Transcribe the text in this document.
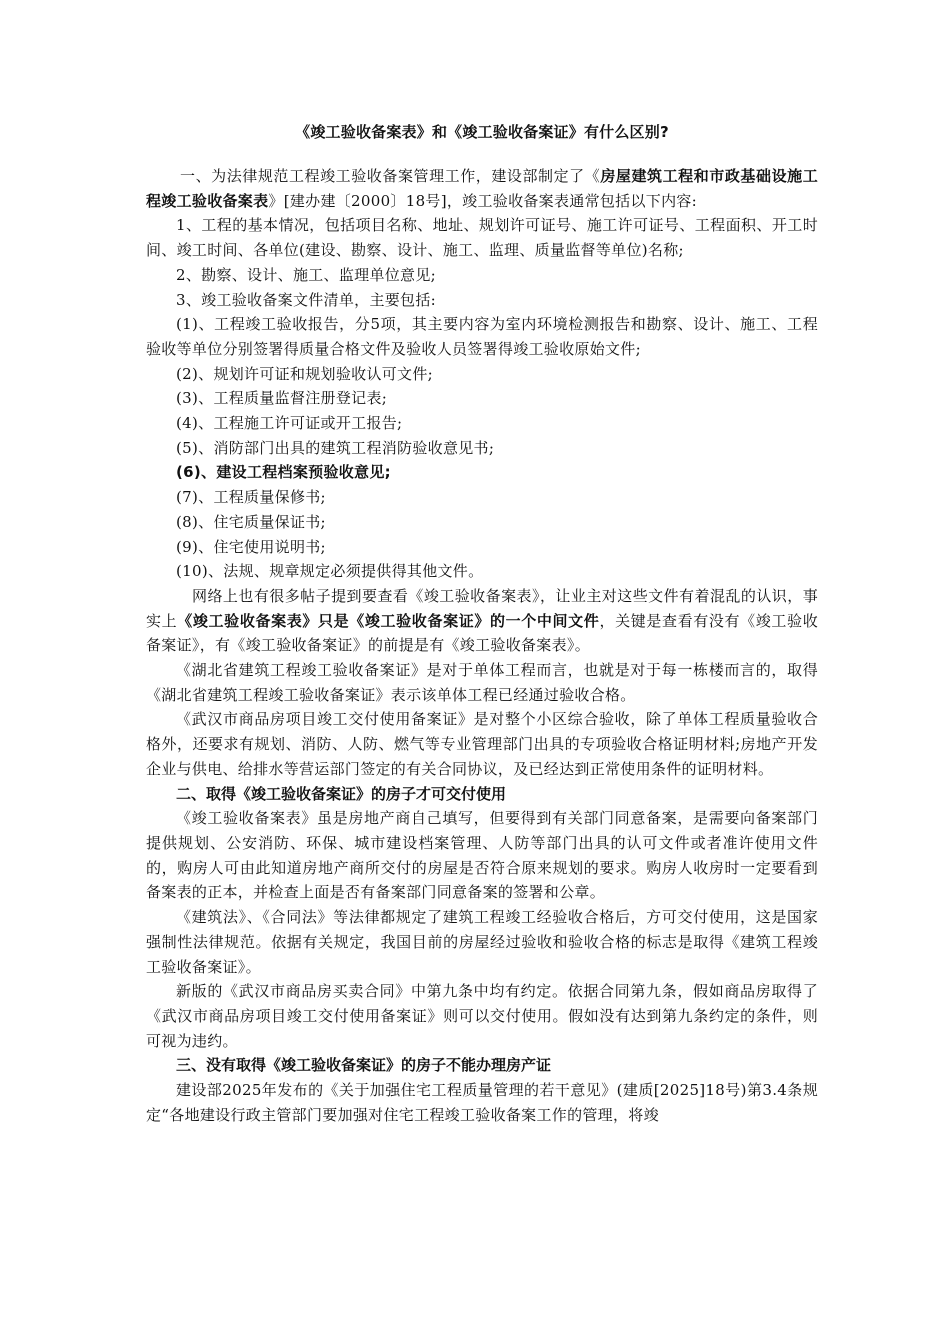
《竣工验收备案表》和《竣工验收备案证》有什么区别?

一、为法律规范工程竣工验收备案管理工作，建设部制定了《房屋建筑工程和市政基础设施工程竣工验收备案表》[建办建〔2000〕18号]，竣工验收备案表通常包括以下内容:

1、工程的基本情况，包括项目名称、地址、规划许可证号、施工许可证号、工程面积、开工时间、竣工时间、各单位(建设、勘察、设计、施工、监理、质量监督等单位)名称;

2、勘察、设计、施工、监理单位意见;

3、竣工验收备案文件清单，主要包括:

(1)、工程竣工验收报告，分5项，其主要内容为室内环境检测报告和勘察、设计、施工、工程验收等单位分别签署得质量合格文件及验收人员签署得竣工验收原始文件;

(2)、规划许可证和规划验收认可文件;

(3)、工程质量监督注册登记表;

(4)、工程施工许可证或开工报告;

(5)、消防部门出具的建筑工程消防验收意见书;

(6)、建设工程档案预验收意见;

(7)、工程质量保修书;

(8)、住宅质量保证书;

(9)、住宅使用说明书;

(10)、法规、规章规定必须提供得其他文件。

网络上也有很多帖子提到要查看《竣工验收备案表》，让业主对这些文件有着混乱的认识，事实上《竣工验收备案表》只是《竣工验收备案证》的一个中间文件，关键是查看有没有《竣工验收备案证》，有《竣工验收备案证》的前提是有《竣工验收备案表》。

《湖北省建筑工程竣工验收备案证》是对于单体工程而言，也就是对于每一栋楼而言的，取得《湖北省建筑工程竣工验收备案证》表示该单体工程已经通过验收合格。

《武汉市商品房项目竣工交付使用备案证》是对整个小区综合验收，除了单体工程质量验收合格外，还要求有规划、消防、人防、燃气等专业管理部门出具的专项验收合格证明材料;房地产开发企业与供电、给排水等营运部门签定的有关合同协议，及已经达到正常使用条件的证明材料。

二、取得《竣工验收备案证》的房子才可交付使用

《竣工验收备案表》虽是房地产商自己填写，但要得到有关部门同意备案，是需要向备案部门提供规划、公安消防、环保、城市建设档案管理、人防等部门出具的认可文件或者准许使用文件的，购房人可由此知道房地产商所交付的房屋是否符合原来规划的要求。购房人收房时一定要看到备案表的正本，并检查上面是否有备案部门同意备案的签署和公章。

《建筑法》、《合同法》等法律都规定了建筑工程竣工经验收合格后，方可交付使用，这是国家强制性法律规范。依据有关规定，我国目前的房屋经过验收和验收合格的标志是取得《建筑工程竣工验收备案证》。

新版的《武汉市商品房买卖合同》中第九条中均有约定。依据合同第九条，假如商品房取得了《武汉市商品房项目竣工交付使用备案证》则可以交付使用。假如没有达到第九条约定的条件，则可视为违约。

三、没有取得《竣工验收备案证》的房子不能办理房产证

建设部2025年发布的《关于加强住宅工程质量管理的若干意见》(建质[2025]18号)第3.4条规定“各地建设行政主管部门要加强对住宅工程竣工验收备案工作的管理，将竣
